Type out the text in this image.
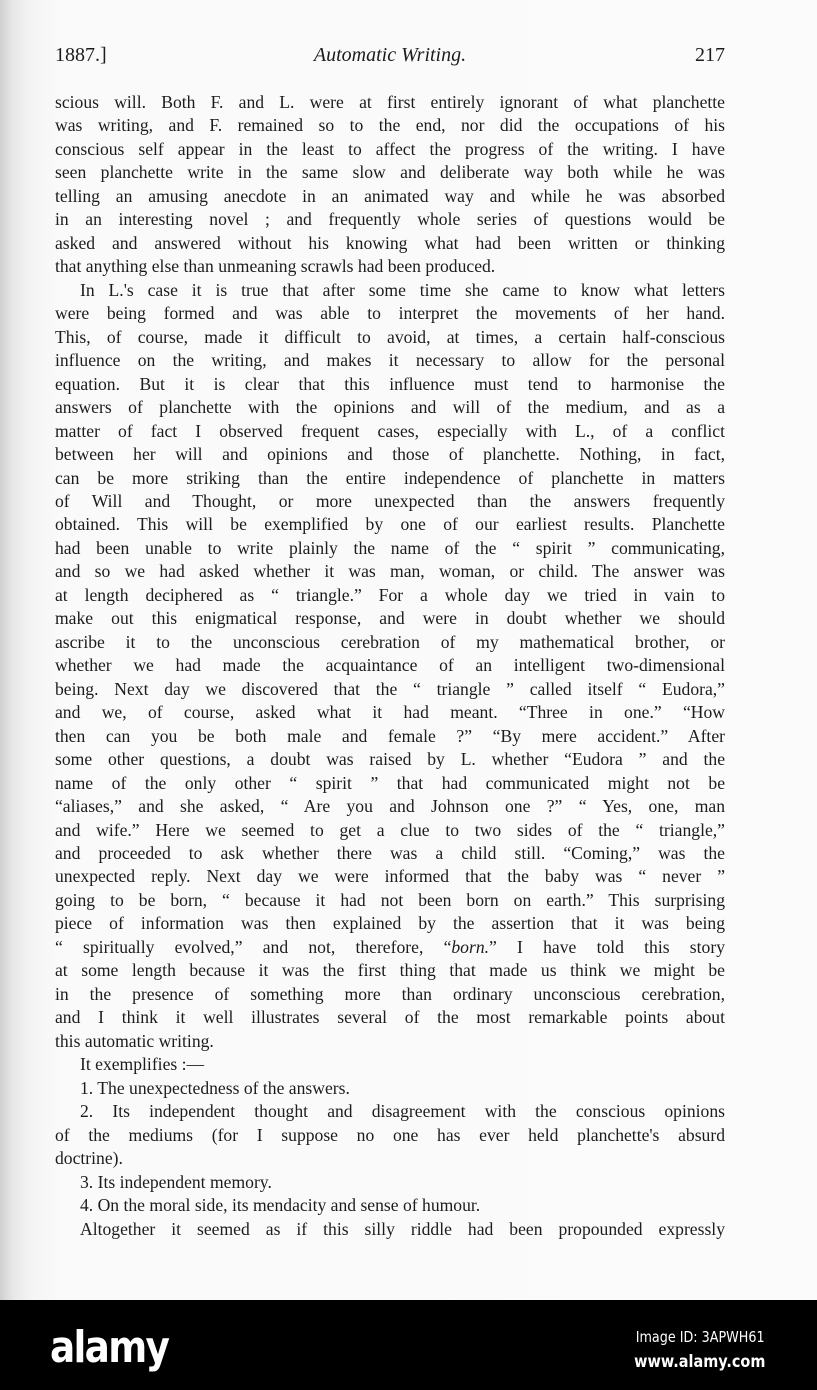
1887.]	Automatic Writing.	217
scious will. Both F. and L. were at first entirely ignorant of what planchette
was writing, and F. remained so to the end, nor did the occupations of his
conscious self appear in the least to affect the progress of the writing. I have
seen planchette write in the same slow and deliberate way both while he was
telling an amusing anecdote in an animated way and while he was absorbed
in an interesting novel ; and frequently whole series of questions would be
asked and answered without his knowing what had been written or thinking
that anything else than unmeaning scrawls had been produced.
In L.'s case it is true that after some time she came to know what letters
were being formed and was able to interpret the movements of her hand.
This, of course, made it difficult to avoid, at times, a certain half-conscious
influence on the writing, and makes it necessary to allow for the personal
equation. But it is clear that this influence must tend to harmonise the
answers of planchette with the opinions and will of the medium, and as a
matter of fact I observed frequent cases, especially with L., of a conflict
between her will and opinions and those of planchette. Nothing, in fact,
can be more striking than the entire independence of planchette in matters
of Will and Thought, or more unexpected than the answers frequently
obtained. This will be exemplified by one of our earliest results. Planchette
had been unable to write plainly the name of the “ spirit ” communicating,
and so we had asked whether it was man, woman, or child. The answer was
at length deciphered as “ triangle.” For a whole day we tried in vain to
make out this enigmatical response, and were in doubt whether we should
ascribe it to the unconscious cerebration of my mathematical brother, or
whether we had made the acquaintance of an intelligent two-dimensional
being. Next day we discovered that the “ triangle ” called itself “ Eudora,”
and we, of course, asked what it had meant. “Three in one.” “How
then can you be both male and female ?” “By mere accident.” After
some other questions, a doubt was raised by L. whether “Eudora ” and the
name of the only other “ spirit ” that had communicated might not be
“aliases,” and she asked, “ Are you and Johnson one ?” “ Yes, one, man
and wife.” Here we seemed to get a clue to two sides of the “ triangle,”
and proceeded to ask whether there was a child still. “Coming,” was the
unexpected reply. Next day we were informed that the baby was “ never ”
going to be born, “ because it had not been born on earth.” This surprising
piece of information was then explained by the assertion that it was being
“ spiritually evolved,” and not, therefore, “born.” I have told this story
at some length because it was the first thing that made us think we might be
in the presence of something more than ordinary unconscious cerebration,
and I think it well illustrates several of the most remarkable points about
this automatic writing.
It exemplifies :—
1. The unexpectedness of the answers.
2. Its independent thought and disagreement with the conscious opinions
of the mediums (for I suppose no one has ever held planchette's absurd
doctrine).
3. Its independent memory.
4. On the moral side, its mendacity and sense of humour.
Altogether it seemed as if this silly riddle had been propounded expressly
alamy	Image ID: 3APWH61
www.alamy.com
